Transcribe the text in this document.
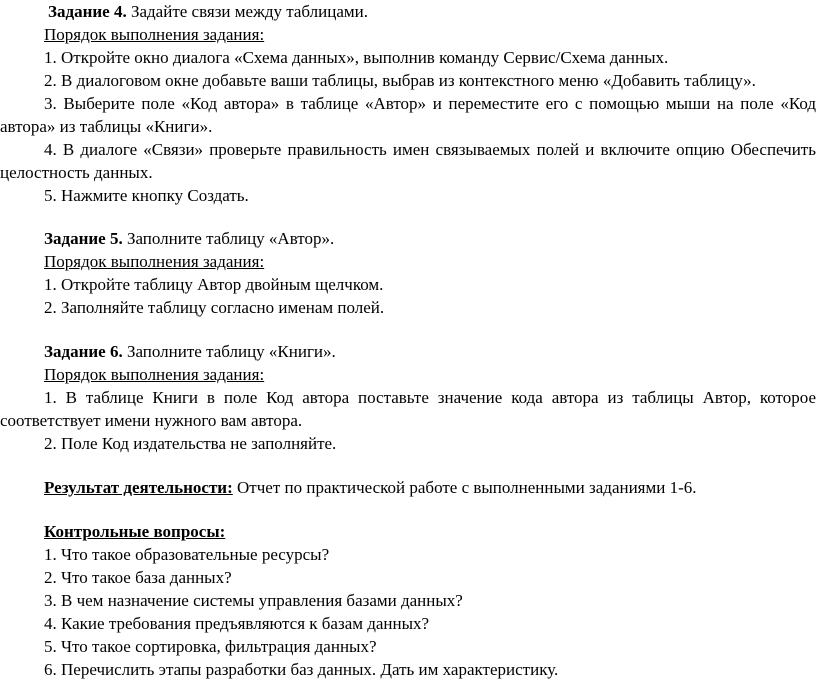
Задание 4. Задайте связи между таблицами.
Порядок выполнения задания:
1. Откройте окно диалога «Схема данных», выполнив команду Сервис/Схема данных.
2. В диалоговом окне добавьте ваши таблицы, выбрав из контекстного меню «Добавить таблицу».
3. Выберите поле «Код автора» в таблице «Автор» и переместите его с помощью мыши на поле «Код
автора» из таблицы «Книги».
4. В диалоге «Связи» проверьте правильность имен связываемых полей и включите опцию Обеспечить
целостность данных.
5. Нажмите кнопку Создать.
Задание 5. Заполните таблицу «Автор».
Порядок выполнения задания:
1. Откройте таблицу Автор двойным щелчком.
2. Заполняйте таблицу согласно именам полей.
Задание 6. Заполните таблицу «Книги».
Порядок выполнения задания:
1. В таблице Книги в поле Код автора поставьте значение кода автора из таблицы Автор, которое
соответствует имени нужного вам автора.
2. Поле Код издательства не заполняйте.
Результат деятельности: Отчет по практической работе с выполненными заданиями 1-6.
Контрольные вопросы:
1. Что такое образовательные ресурсы?
2. Что такое база данных?
3. В чем назначение системы управления базами данных?
4. Какие требования предъявляются к базам данных?
5. Что такое сортировка, фильтрация данных?
6. Перечислить этапы разработки баз данных. Дать им характеристику.
